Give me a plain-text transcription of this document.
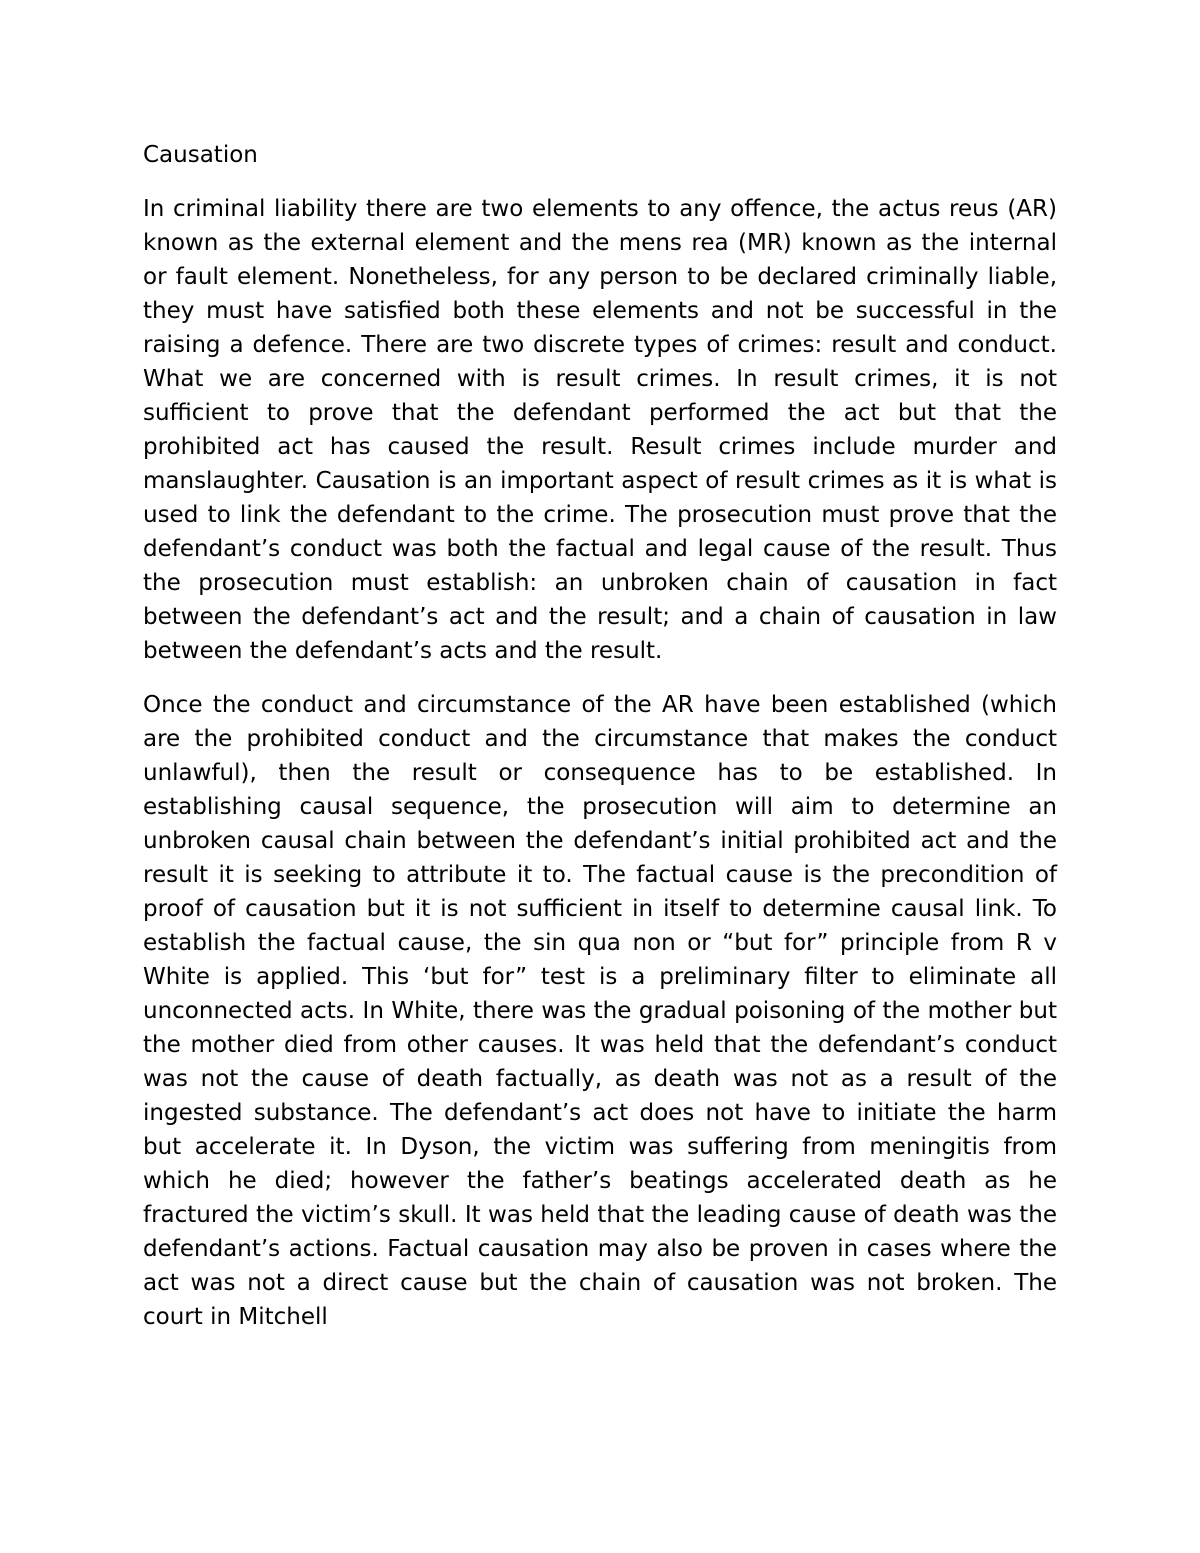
Causation

In criminal liability there are two elements to any offence, the actus reus (AR) known as the external element and the mens rea (MR) known as the internal or fault element. Nonetheless, for any person to be declared criminally liable, they must have satisfied both these elements and not be successful in the raising a defence. There are two discrete types of crimes: result and conduct. What we are concerned with is result crimes. In result crimes, it is not sufficient to prove that the defendant performed the act but that the prohibited act has caused the result. Result crimes include murder and manslaughter. Causation is an important aspect of result crimes as it is what is used to link the defendant to the crime. The prosecution must prove that the defendant’s conduct was both the factual and legal cause of the result. Thus the prosecution must establish: an unbroken chain of causation in fact between the defendant’s act and the result; and a chain of causation in law between the defendant’s acts and the result.

Once the conduct and circumstance of the AR have been established (which are the prohibited conduct and the circumstance that makes the conduct unlawful), then the result or consequence has to be established. In establishing causal sequence, the prosecution will aim to determine an unbroken causal chain between the defendant’s initial prohibited act and the result it is seeking to attribute it to. The factual cause is the precondition of proof of causation but it is not sufficient in itself to determine causal link. To establish the factual cause, the sin qua non or “but for” principle from R v White is applied. This ‘but for” test is a preliminary filter to eliminate all unconnected acts. In White, there was the gradual poisoning of the mother but the mother died from other causes. It was held that the defendant’s conduct was not the cause of death factually, as death was not as a result of the ingested substance. The defendant’s act does not have to initiate the harm but accelerate it. In Dyson, the victim was suffering from meningitis from which he died; however the father’s beatings accelerated death as he fractured the victim’s skull. It was held that the leading cause of death was the defendant’s actions. Factual causation may also be proven in cases where the act was not a direct cause but the chain of causation was not broken. The court in Mitchell
